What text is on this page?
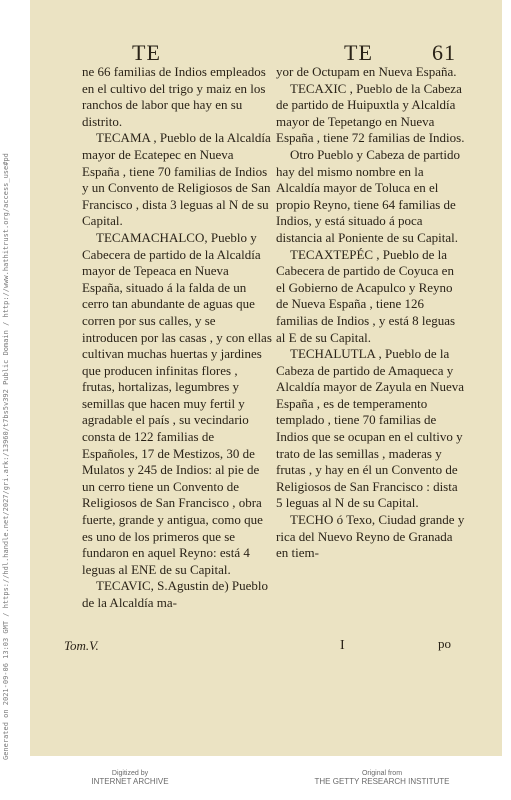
Generated on 2021-09-06 13:03 GMT / https://hdl.handle.net/2027/gri.ark:/13960/t7bs5v392 Public Domain / http://www.hathitrust.org/access_use#pd
TE	TE	61

ne 66 familias de Indios empleados en el cultivo del trigo y maiz en los ranchos de labor que hay en su distrito.

TECAMA , Pueblo de la Alcaldía mayor de Ecatepec en Nueva España , tiene 70 familias de Indios y un Convento de Religiosos de San Francisco , dista 3 leguas al N de su Capital.

TECAMACHALCO, Pueblo y Cabecera de partido de la Alcaldía mayor de Tepeaca en Nueva España, situado á la falda de un cerro tan abundante de aguas que corren por sus calles, y se introducen por las casas , y con ellas cultivan muchas huertas y jardines que producen infinitas flores , frutas, hortalizas, legumbres y semillas que hacen muy fertil y agradable el país , su vecindario consta de 122 familias de Españoles, 17 de Mestizos, 30 de Mulatos y 245 de Indios: al pie de un cerro tiene un Convento de Religiosos de San Francisco , obra fuerte, grande y antigua, como que es uno de los primeros que se fundaron en aquel Reyno: está 4 leguas al ENE de su Capital.

TECAVIC, S.Agustin de) Pueblo de la Alcaldía ma-

yor de Octupam en Nueva España.

TECAXIC , Pueblo de la Cabeza de partido de Huipuxtla y Alcaldía mayor de Tepetango en Nueva España , tiene 72 familias de Indios.

Otro Pueblo y Cabeza de partido hay del mismo nombre en la Alcaldía mayor de Toluca en el propio Reyno, tiene 64 familias de Indios, y está situado á poca distancia al Poniente de su Capital.

TECAXTEPÉC , Pueblo de la Cabecera de partido de Coyuca en el Gobierno de Acapulco y Reyno de Nueva España , tiene 126 familias de Indios , y está 8 leguas al E de su Capital.

TECHALUTLA , Pueblo de la Cabeza de partido de Amaqueca y Alcaldía mayor de Zayula en Nueva España , es de temperamento templado , tiene 70 familias de Indios que se ocupan en el cultivo y trato de las semillas , maderas y frutas , y hay en él un Convento de Religiosos de San Francisco : dista 5 leguas al N de su Capital.

TECHO ó Texo, Ciudad grande y rica del Nuevo Reyno de Granada en tiem-

Tom.V.	I	po
Digitized by
INTERNET ARCHIVE
Original from
THE GETTY RESEARCH INSTITUTE
